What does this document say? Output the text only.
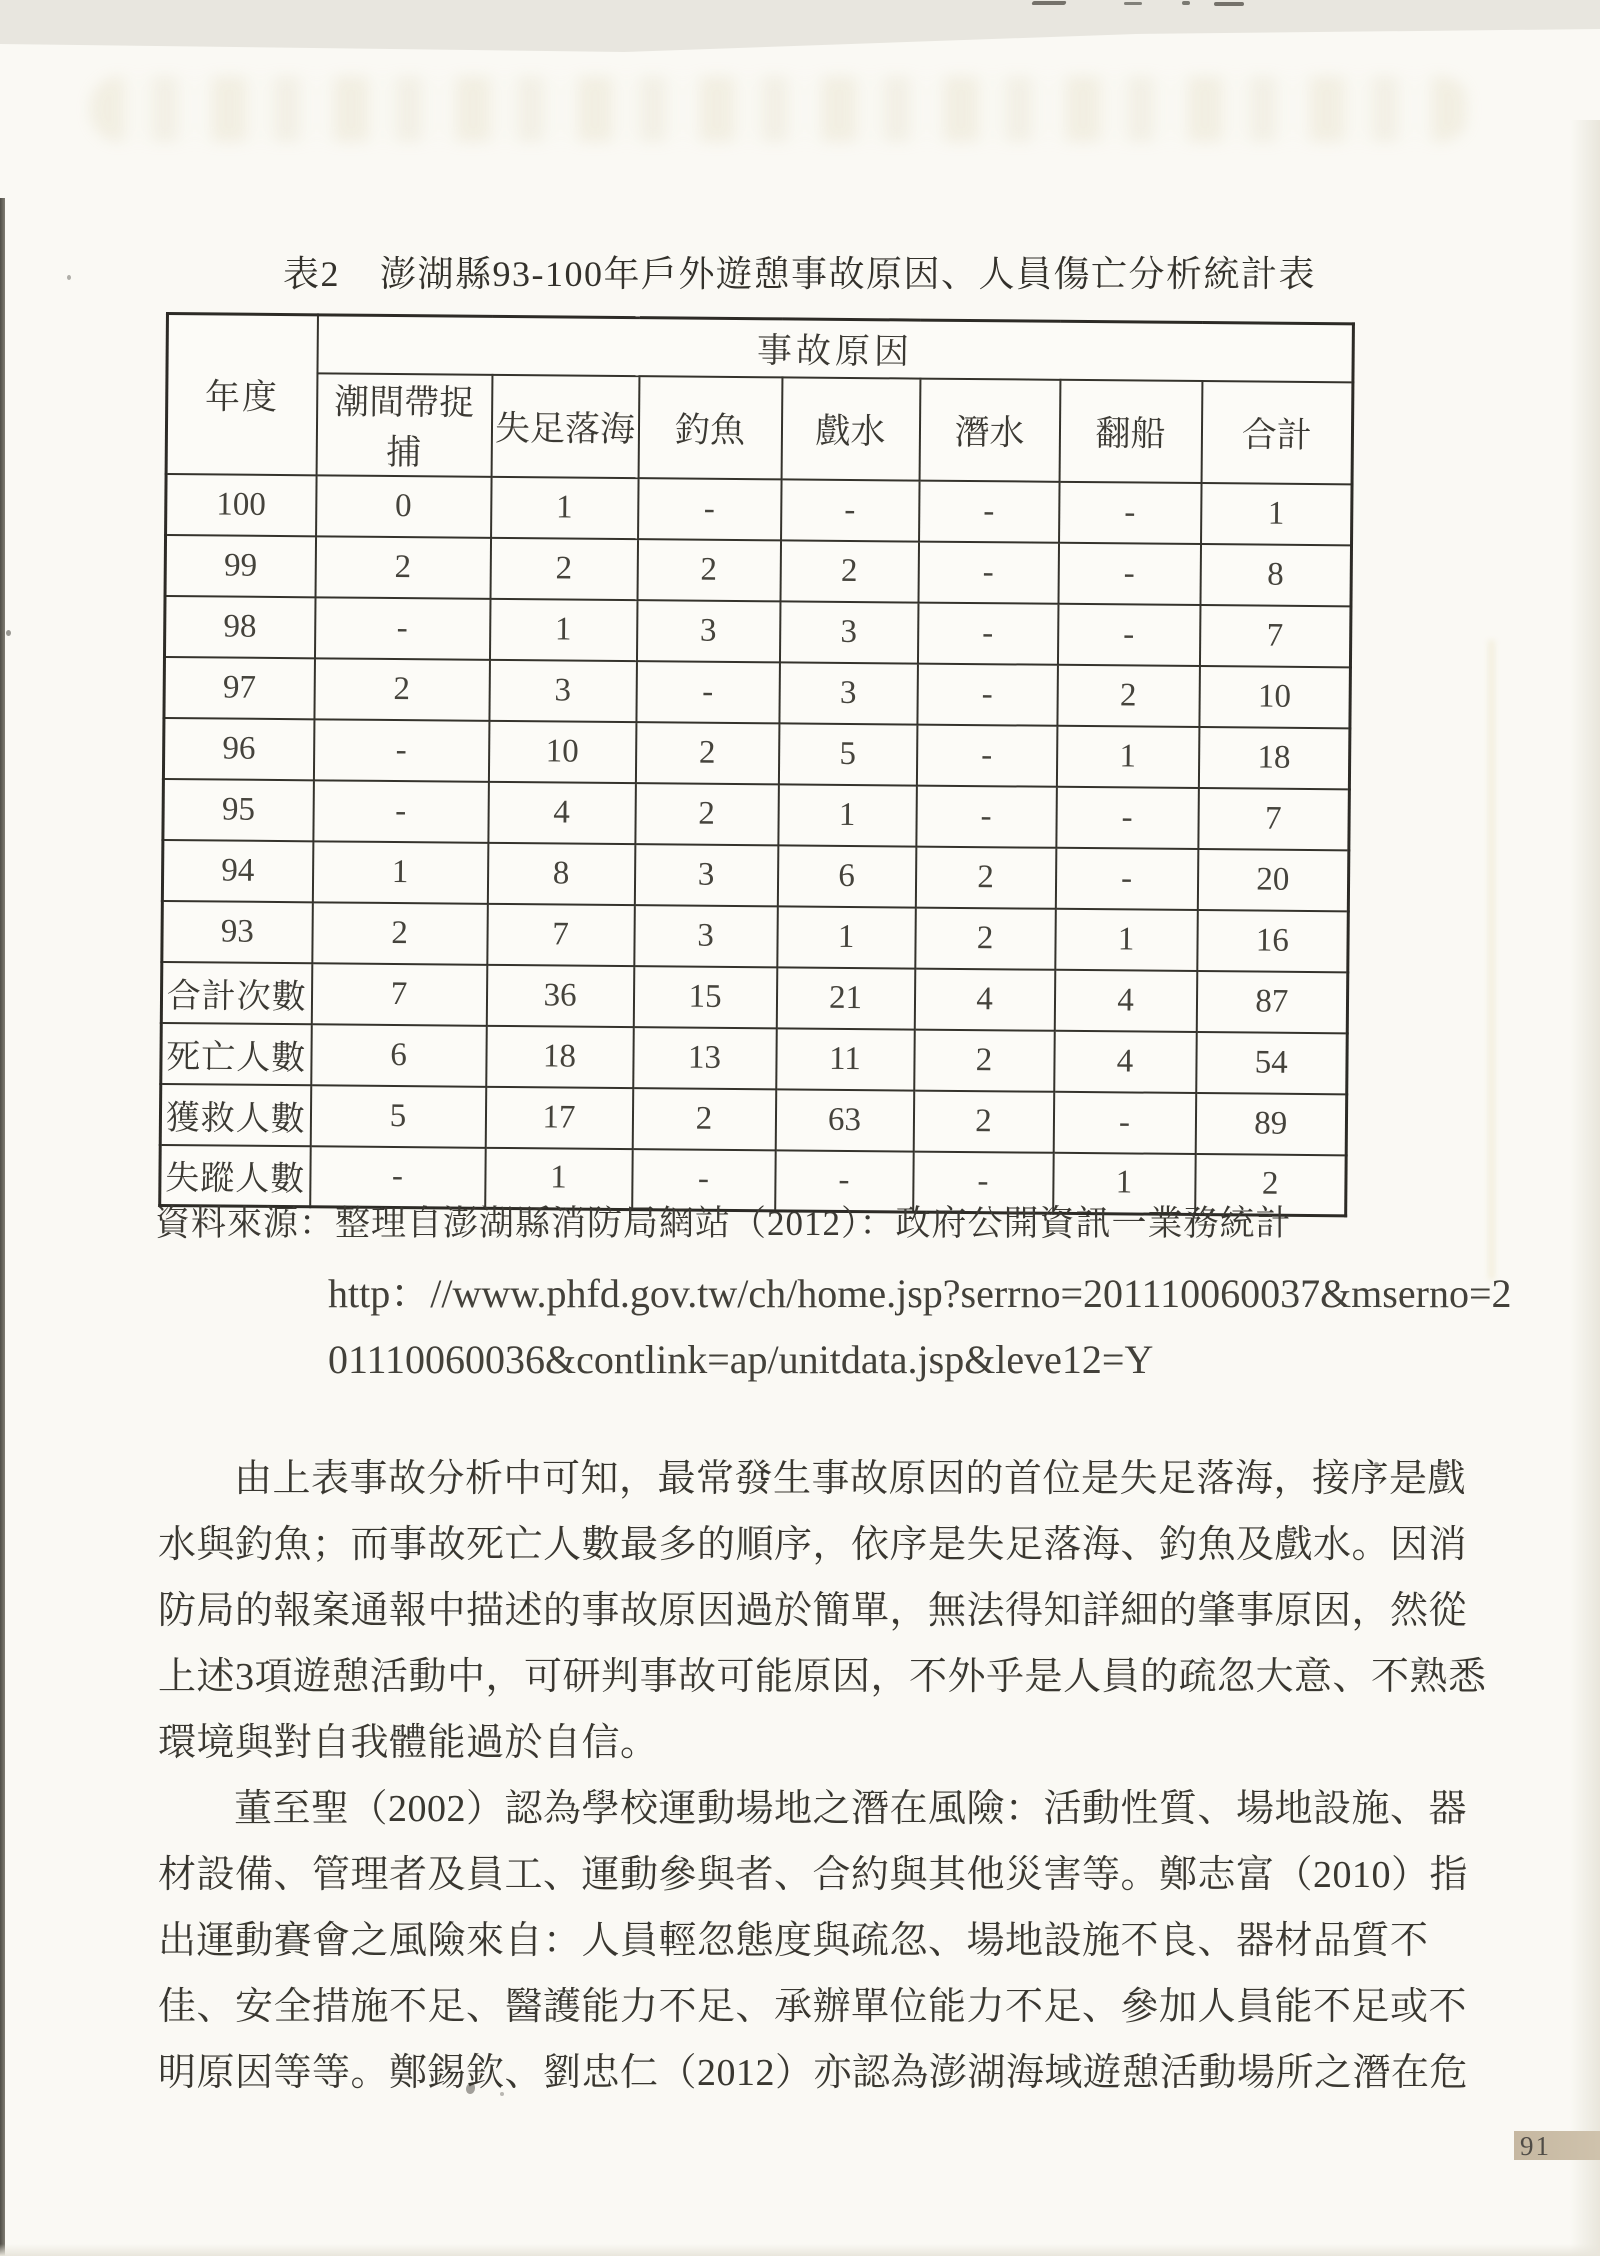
表2 澎湖縣93-100年戶外遊憩事故原因、人員傷亡分析統計表
年度	事故原因						
	潮間帶捉捕	失足落海	釣魚	戲水	潛水	翻船	合計
100	0	1	-	-	-	-	1
99	2	2	2	2	-	-	8
98	-	1	3	3	-	-	7
97	2	3	-	3	-	2	10
96	-	10	2	5	-	1	18
95	-	4	2	1	-	-	7
94	1	8	3	6	2	-	20
93	2	7	3	1	2	1	16
合計次數	7	36	15	21	4	4	87
死亡人數	6	18	13	11	2	4	54
獲救人數	5	17	2	63	2	-	89
失蹤人數	-	1	-	-	-	1	2
資料來源：整理自澎湖縣消防局網站（2012）：政府公開資訊一業務統計
http：//www.phfd.gov.tw/ch/home.jsp?serrno=201110060037&mserno=2
01110060036&contlink=ap/unitdata.jsp&leve12=Y
由上表事故分析中可知，最常發生事故原因的首位是失足落海，接序是戲
水與釣魚；而事故死亡人數最多的順序，依序是失足落海、釣魚及戲水。因消
防局的報案通報中描述的事故原因過於簡單，無法得知詳細的肇事原因，然從
上述3項遊憩活動中，可研判事故可能原因，不外乎是人員的疏忽大意、不熟悉
環境與對自我體能過於自信。
董至聖（2002）認為學校運動場地之潛在風險：活動性質、場地設施、器
材設備、管理者及員工、運動參與者、合約與其他災害等。鄭志富（2010）指
出運動賽會之風險來自：人員輕忽態度與疏忽、場地設施不良、器材品質不
佳、安全措施不足、醫護能力不足、承辦單位能力不足、參加人員能不足或不
明原因等等。鄭錫欽、劉忠仁（2012）亦認為澎湖海域遊憩活動場所之潛在危
91
